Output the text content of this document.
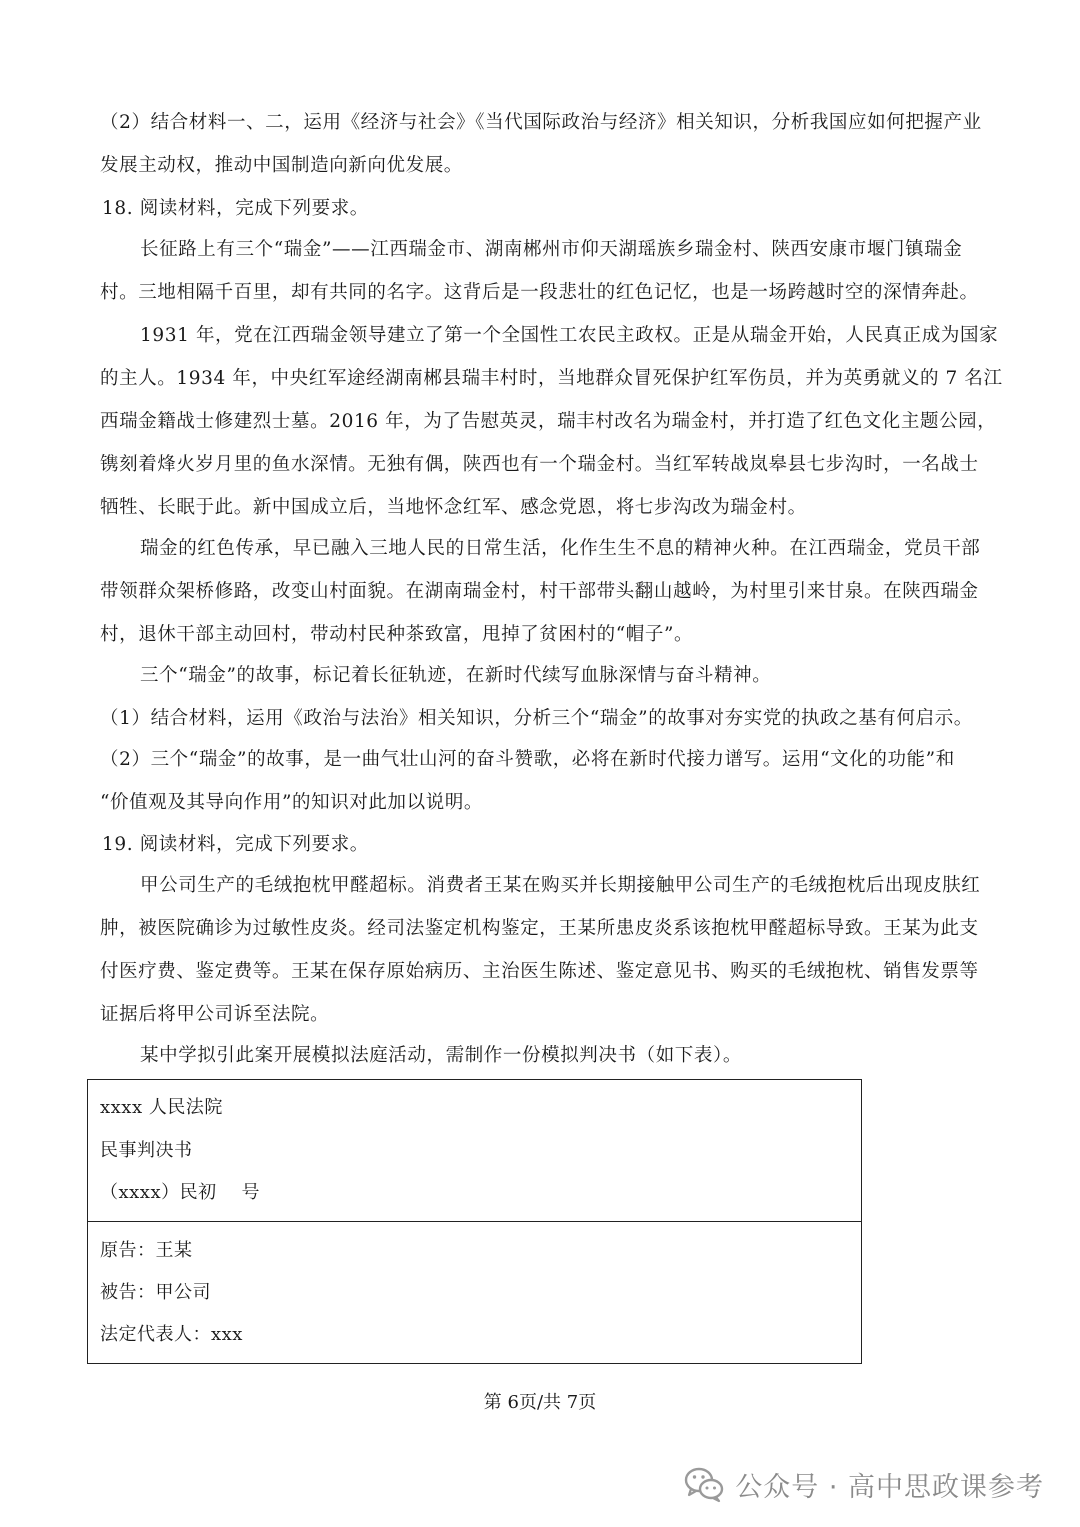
（2）结合材料一、二，运用《经济与社会》《当代国际政治与经济》相关知识，分析我国应如何把握产业
发展主动权，推动中国制造向新向优发展。
18. 阅读材料，完成下列要求。
长征路上有三个“瑞金”——江西瑞金市、湖南郴州市仰天湖瑶族乡瑞金村、陕西安康市堰门镇瑞金
村。三地相隔千百里，却有共同的名字。这背后是一段悲壮的红色记忆，也是一场跨越时空的深情奔赴。
1931 年，党在江西瑞金领导建立了第一个全国性工农民主政权。正是从瑞金开始，人民真正成为国家
的主人。1934 年，中央红军途经湖南郴县瑞丰村时，当地群众冒死保护红军伤员，并为英勇就义的 7 名江
西瑞金籍战士修建烈士墓。2016 年，为了告慰英灵，瑞丰村改名为瑞金村，并打造了红色文化主题公园，
镌刻着烽火岁月里的鱼水深情。无独有偶，陕西也有一个瑞金村。当红军转战岚皋县七步沟时，一名战士
牺牲、长眠于此。新中国成立后，当地怀念红军、感念党恩，将七步沟改为瑞金村。
瑞金的红色传承，早已融入三地人民的日常生活，化作生生不息的精神火种。在江西瑞金，党员干部
带领群众架桥修路，改变山村面貌。在湖南瑞金村，村干部带头翻山越岭，为村里引来甘泉。在陕西瑞金
村，退休干部主动回村，带动村民种茶致富，甩掉了贫困村的“帽子”。
三个“瑞金”的故事，标记着长征轨迹，在新时代续写血脉深情与奋斗精神。
（1）结合材料，运用《政治与法治》相关知识，分析三个“瑞金”的故事对夯实党的执政之基有何启示。
（2）三个“瑞金”的故事，是一曲气壮山河的奋斗赞歌，必将在新时代接力谱写。运用“文化的功能”和
“价值观及其导向作用”的知识对此加以说明。
19. 阅读材料，完成下列要求。
甲公司生产的毛绒抱枕甲醛超标。消费者王某在购买并长期接触甲公司生产的毛绒抱枕后出现皮肤红
肿，被医院确诊为过敏性皮炎。经司法鉴定机构鉴定，王某所患皮炎系该抱枕甲醛超标导致。王某为此支
付医疗费、鉴定费等。王某在保存原始病历、主治医生陈述、鉴定意见书、购买的毛绒抱枕、销售发票等
证据后将甲公司诉至法院。
某中学拟引此案开展模拟法庭活动，需制作一份模拟判决书（如下表）。
xxxx 人民法院
民事判决书
（xxxx）民初    号
原告：王某
被告：甲公司
法定代表人：xxx
第 6页/共 7页
公众号 · 高中思政课参考
